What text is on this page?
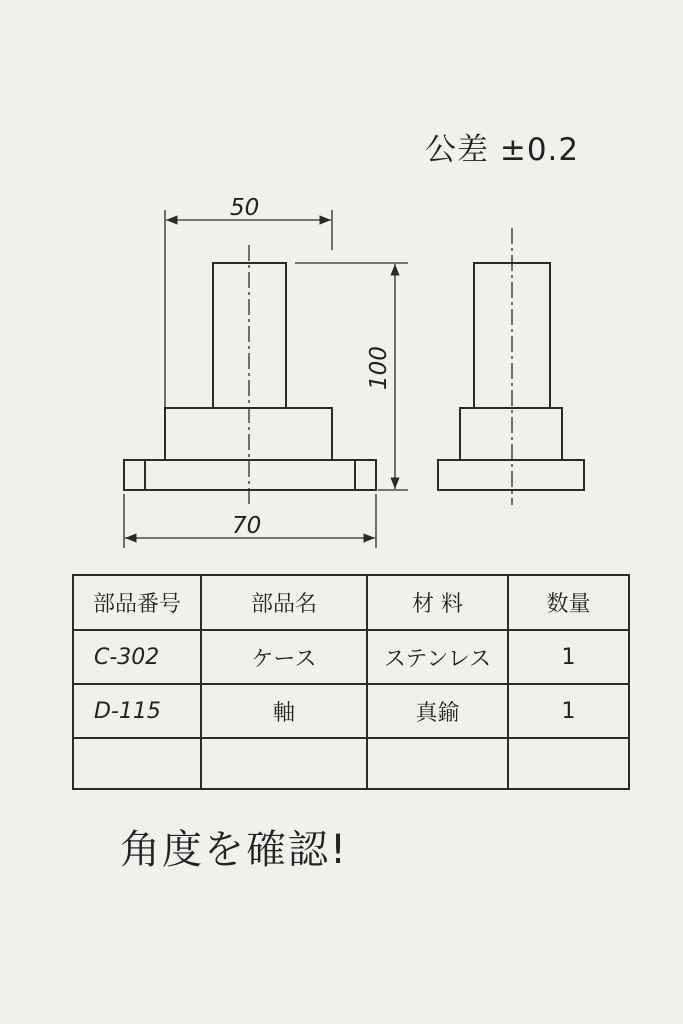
公差 ±0.2
50
100
70
部品番号	部品名	材 料	数量
C-302	ケース	ステンレス	1
D-115	軸	真鍮	1

角度を確認!
